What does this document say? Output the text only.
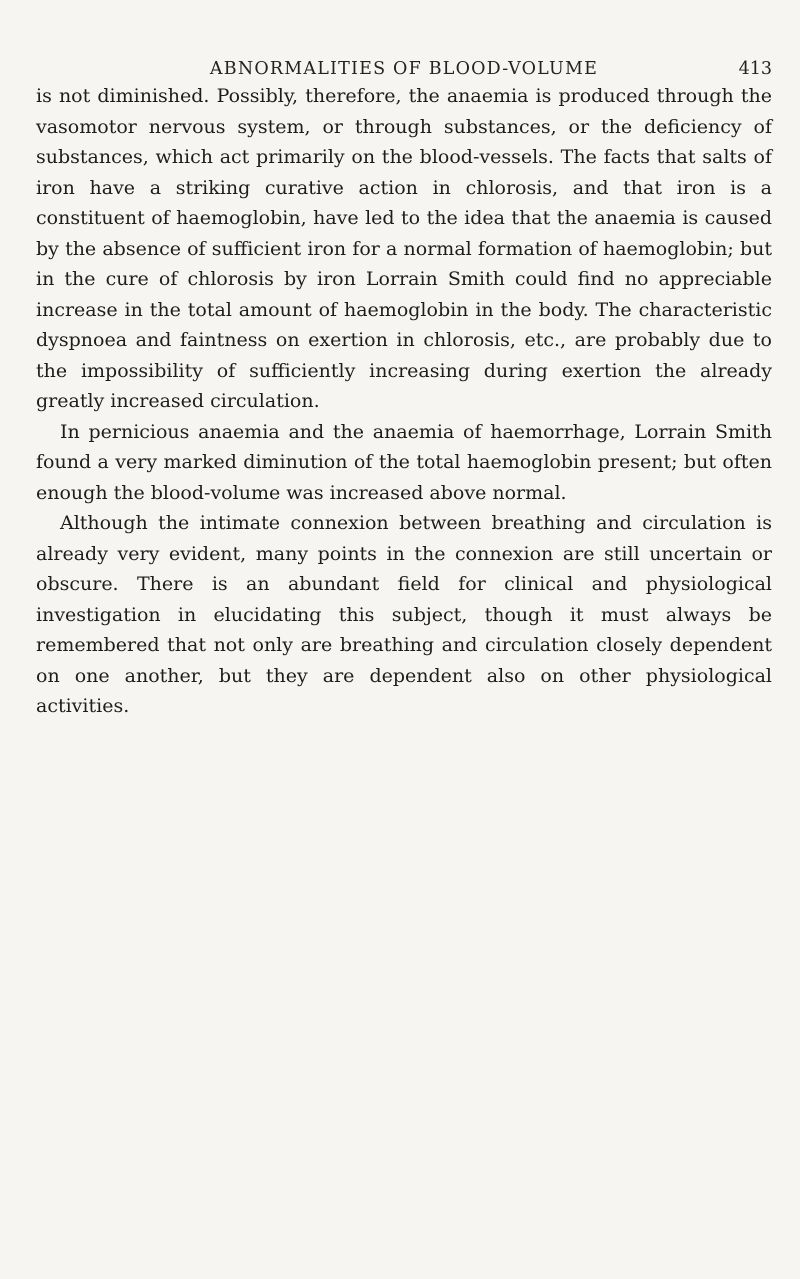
ABNORMALITIES OF BLOOD-VOLUME	413

is not diminished. Possibly, therefore, the anaemia is produced through the vasomotor nervous system, or through substances, or the deficiency of substances, which act primarily on the blood-vessels. The facts that salts of iron have a striking curative action in chlorosis, and that iron is a constituent of haemoglobin, have led to the idea that the anaemia is caused by the absence of sufficient iron for a normal formation of haemoglobin; but in the cure of chlorosis by iron Lorrain Smith could find no appreciable increase in the total amount of haemoglobin in the body. The characteristic dyspnoea and faintness on exertion in chlorosis, etc., are probably due to the impossibility of sufficiently increasing during exertion the already greatly increased circulation.

In pernicious anaemia and the anaemia of haemorrhage, Lorrain Smith found a very marked diminution of the total haemoglobin present; but often enough the blood-volume was increased above normal.

Although the intimate connexion between breathing and circulation is already very evident, many points in the connexion are still uncertain or obscure. There is an abundant field for clinical and physiological investigation in elucidating this subject, though it must always be remembered that not only are breathing and circulation closely dependent on one another, but they are dependent also on other physiological activities.
